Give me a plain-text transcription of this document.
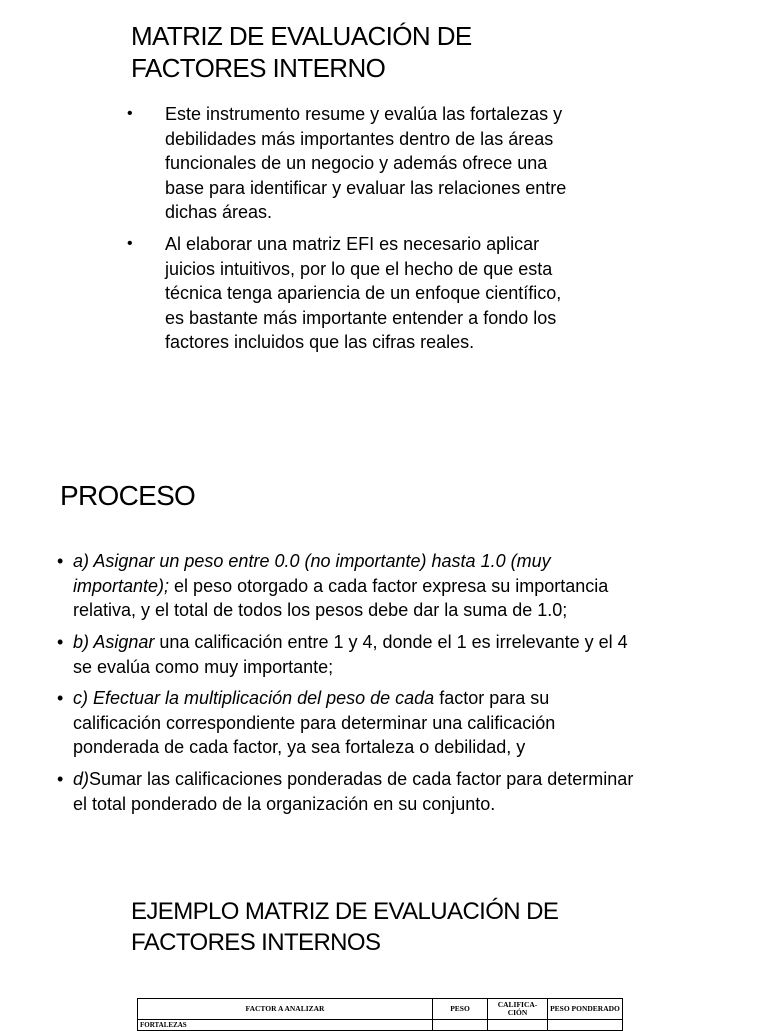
MATRIZ DE EVALUACIÓN DE
FACTORES INTERNO
• Este instrumento resume y evalúa las fortalezas y
debilidades más importantes dentro de las áreas
funcionales de un negocio y además ofrece una
base para identificar y evaluar las relaciones entre
dichas áreas.
• Al elaborar una matriz EFI es necesario aplicar
juicios intuitivos, por lo que el hecho de que esta
técnica tenga apariencia de un enfoque científico,
es bastante más importante entender a fondo los
factores incluidos que las cifras reales.
PROCESO
• a) Asignar un peso entre 0.0 (no importante) hasta 1.0 (muy
importante); el peso otorgado a cada factor expresa su importancia
relativa, y el total de todos los pesos debe dar la suma de 1.0;
• b) Asignar una calificación entre 1 y 4, donde el 1 es irrelevante y el 4
se evalúa como muy importante;
• c) Efectuar la multiplicación del peso de cada factor para su
calificación correspondiente para determinar una calificación
ponderada de cada factor, ya sea fortaleza o debilidad, y
• d)Sumar las calificaciones ponderadas de cada factor para determinar
el total ponderado de la organización en su conjunto.
EJEMPLO MATRIZ DE EVALUACIÓN DE
FACTORES INTERNOS
FACTOR A ANALIZAR	PESO	CALIFICA-CIÓN	PESO PONDERADO
FORTALEZAS			
